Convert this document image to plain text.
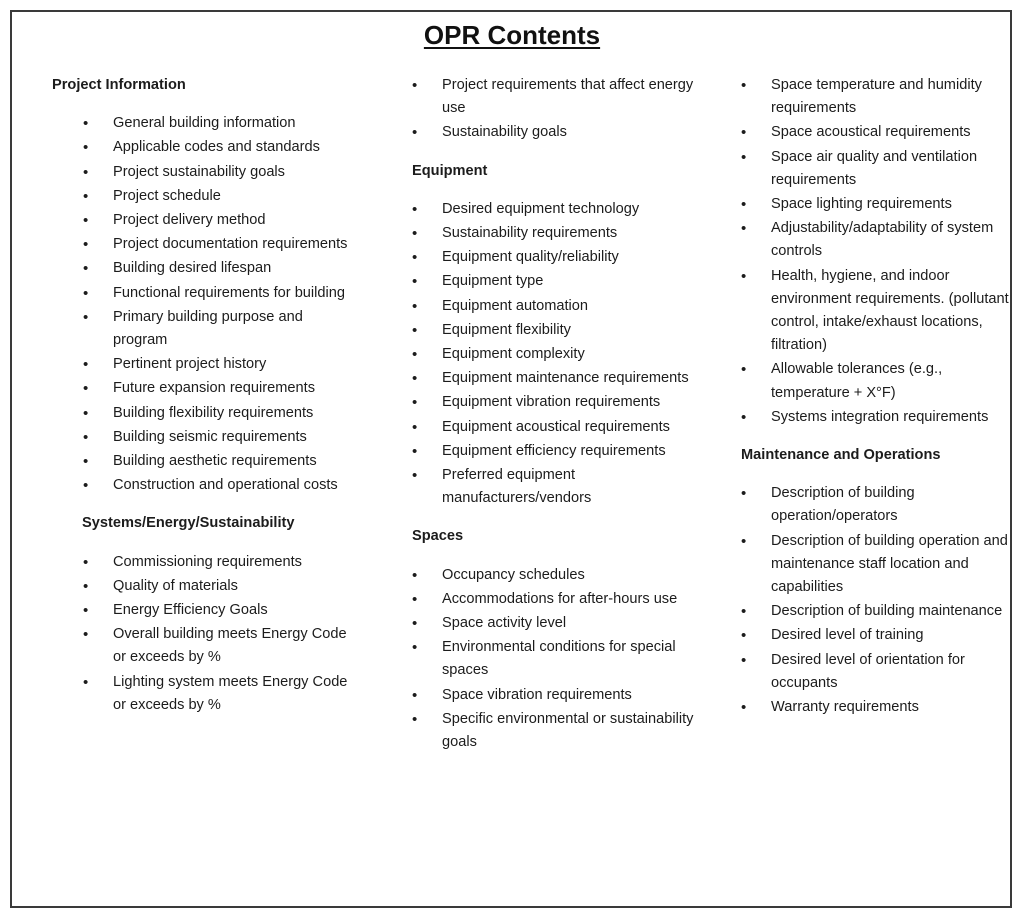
OPR Contents
Project Information
• General building information
• Applicable codes and standards
• Project sustainability goals
• Project schedule
• Project delivery method
• Project documentation requirements
• Building desired lifespan
• Functional requirements for building
• Primary building purpose and program
• Pertinent project history
• Future expansion requirements
• Building flexibility requirements
• Building seismic requirements
• Building aesthetic requirements
• Construction and operational costs
Systems/Energy/Sustainability
• Commissioning requirements
• Quality of materials
• Energy Efficiency Goals
• Overall building meets Energy Code or exceeds by %
• Lighting system meets Energy Code or exceeds by %
• Project requirements that affect energy use
• Sustainability goals
Equipment
• Desired equipment technology
• Sustainability requirements
• Equipment quality/reliability
• Equipment type
• Equipment automation
• Equipment flexibility
• Equipment complexity
• Equipment maintenance requirements
• Equipment vibration requirements
• Equipment acoustical requirements
• Equipment efficiency requirements
• Preferred equipment manufacturers/vendors
Spaces
• Occupancy schedules
• Accommodations for after-hours use
• Space activity level
• Environmental conditions for special spaces
• Space vibration requirements
• Specific environmental or sustainability goals
• Space temperature and humidity requirements
• Space acoustical requirements
• Space air quality and ventilation requirements
• Space lighting requirements
• Adjustability/adaptability of system controls
• Health, hygiene, and indoor environment requirements. (pollutant control, intake/exhaust locations, filtration)
• Allowable tolerances (e.g., temperature + X°F)
• Systems integration requirements
Maintenance and Operations
• Description of building operation/operators
• Description of building operation and maintenance staff location and capabilities
• Description of building maintenance
• Desired level of training
• Desired level of orientation for occupants
• Warranty requirements
